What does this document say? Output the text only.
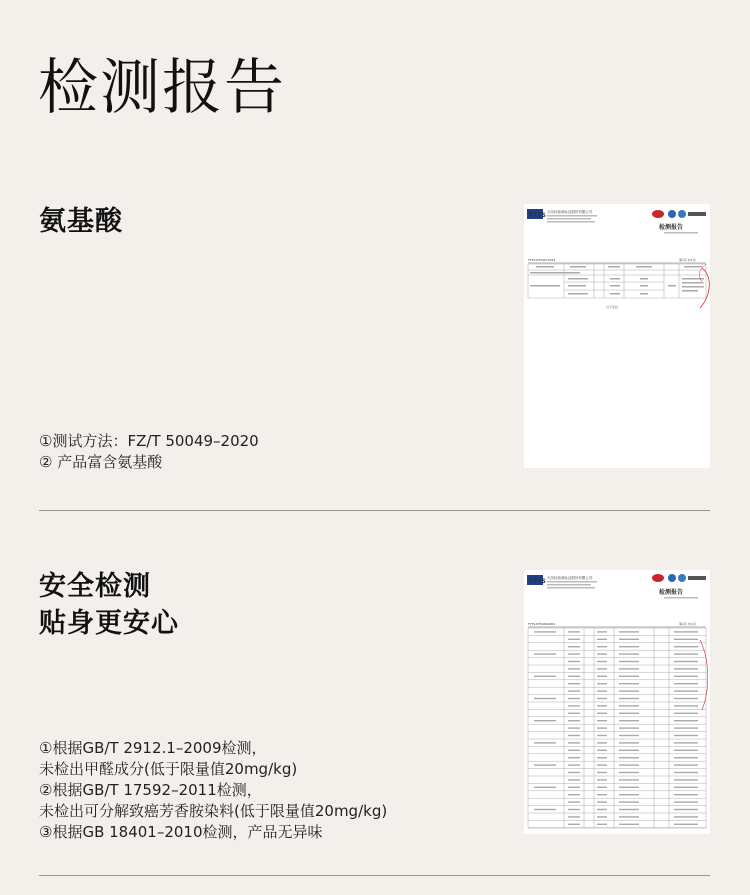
检测报告
氨基酸
①测试方法：FZ/T 50049–2020
② 产品富含氨基酸
TTTS 天纺标检测认证股份有限公司
检测报告
TTTS-RTS4072013	第1页 共1页
以下空白
安全检测
贴身更安心
①根据GB/T 2912.1–2009检测，
未检出甲醛成分(低于限量值20mg/kg)
②根据GB/T 17592–2011检测，
未检出可分解致癌芳香胺染料(低于限量值20mg/kg)
③根据GB 18401–2010检测，产品无异味
TTTS 天纺标检测认证股份有限公司
检测报告
TTTS-RTS4062001	第1页 共1页
